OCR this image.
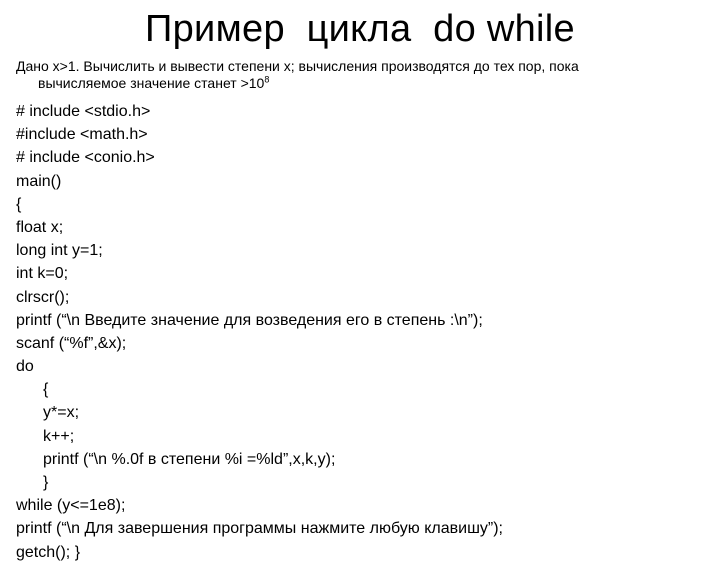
Пример  цикла  do while
Дано x>1. Вычислить и вывести степени x; вычисления производятся до тех пор, пока
вычисляемое значение станет $>10^8$
# include <stdio.h>
#include <math.h>
# include <conio.h>
main()
{
float x;
long int y=1;
int k=0;
clrscr();
printf (“\n Введите значение для возведения его в степень :\n”);
scanf (“%f”,&x);
do
{
y*=x;
k++;
printf (“\n %.0f в степени %i =%ld”,x,k,y);
}
while (y<=1e8);
printf (“\n Для завершения программы нажмите любую клавишу”);
getch(); }
